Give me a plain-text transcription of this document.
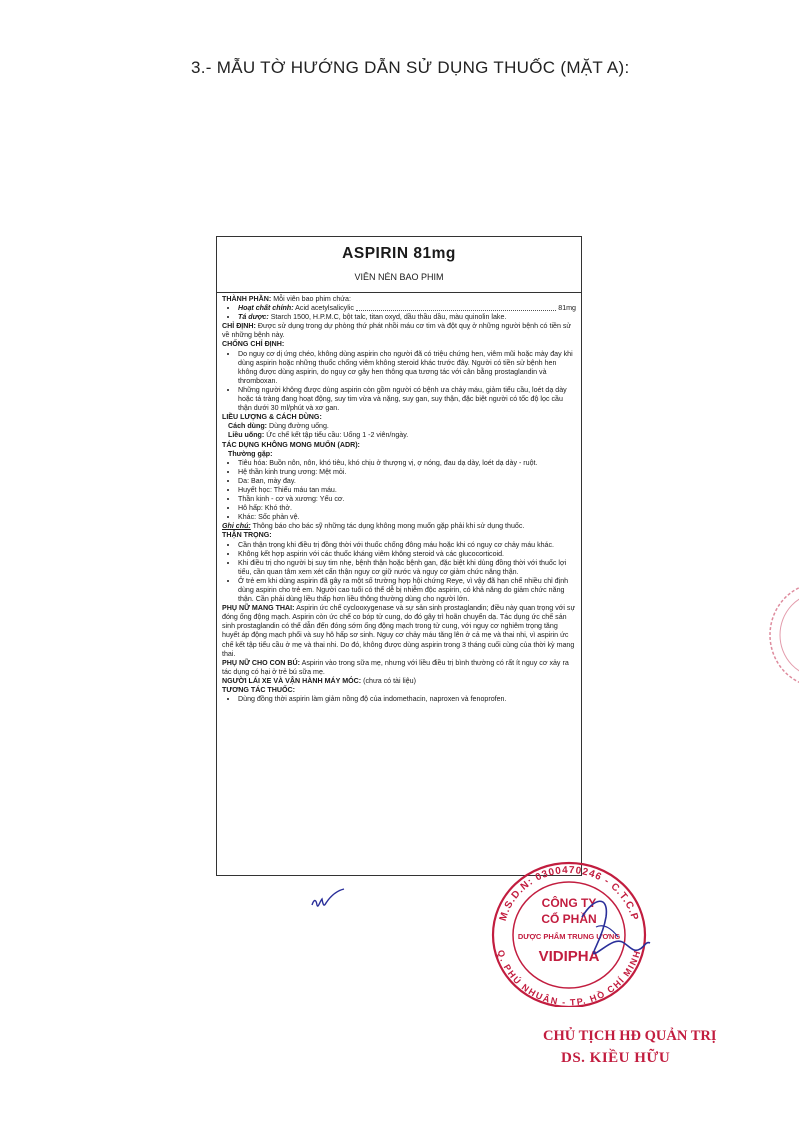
3.- MẪU TỜ HƯỚNG DẪN SỬ DỤNG THUỐC (MẶT A):
ASPIRIN 81mg
VIÊN NÉN BAO PHIM
THÀNH PHẦN: Mỗi viên bao phim chứa:
• Hoạt chất chính: Acid acetylsalicylic	81mg
• Tá dược: Starch 1500, H.P.M.C, bột talc, titan oxyd, dầu thầu dầu, màu quinolin lake.
CHỈ ĐỊNH: Được sử dụng trong dự phòng thứ phát nhồi máu cơ tim và đột quỵ ở những người bệnh có tiền sử về những bệnh này.
CHỐNG CHỈ ĐỊNH:
• Do nguy cơ dị ứng chéo, không dùng aspirin cho người đã có triệu chứng hen, viêm mũi hoặc mày đay khi dùng aspirin hoặc những thuốc chống viêm không steroid khác trước đây. Người có tiền sử bệnh hen không được dùng aspirin, do nguy cơ gây hen thông qua tương tác với cân bằng prostaglandin và thromboxan.
• Những người không được dùng aspirin còn gồm người có bệnh ưa chảy máu, giảm tiểu cầu, loét dạ dày hoặc tá tràng đang hoạt động, suy tim vừa và nặng, suy gan, suy thận, đặc biệt người có tốc độ lọc cầu thận dưới 30 ml/phút và xơ gan.
LIỀU LƯỢNG & CÁCH DÙNG:
Cách dùng: Dùng đường uống.
Liều uống: Ức chế kết tập tiểu cầu: Uống 1 -2 viên/ngày.
TÁC DỤNG KHÔNG MONG MUỐN (ADR):
Thường gặp:
• Tiêu hóa: Buồn nôn, nôn, khó tiêu, khó chịu ở thượng vị, ợ nóng, đau dạ dày, loét dạ dày - ruột.
• Hệ thần kinh trung ương: Mệt mỏi.
• Da: Ban, mày đay.
• Huyết học: Thiếu máu tan máu.
• Thần kinh - cơ và xương: Yếu cơ.
• Hô hấp: Khó thở.
• Khác: Sốc phản vệ.
Ghi chú: Thông báo cho bác sỹ những tác dụng không mong muốn gặp phải khi sử dụng thuốc.
THẬN TRỌNG:
• Cần thận trọng khi điều trị đồng thời với thuốc chống đông máu hoặc khi có nguy cơ chảy máu khác.
• Không kết hợp aspirin với các thuốc kháng viêm không steroid và các glucocorticoid.
• Khi điều trị cho người bị suy tim nhẹ, bệnh thận hoặc bệnh gan, đặc biệt khi dùng đồng thời với thuốc lợi tiểu, cần quan tâm xem xét cẩn thận nguy cơ giữ nước và nguy cơ giảm chức năng thận.
• Ở trẻ em khi dùng aspirin đã gây ra một số trường hợp hội chứng Reye, vì vậy đã hạn chế nhiều chỉ định dùng aspirin cho trẻ em. Người cao tuổi có thể dễ bị nhiễm độc aspirin, có khả năng do giảm chức năng thận. Cần phải dùng liều thấp hơn liều thông thường dùng cho người lớn.
PHỤ NỮ MANG THAI: Aspirin ức chế cyclooxygenase và sự sản sinh prostaglandin; điều này quan trọng với sự đóng ống động mạch. Aspirin còn ức chế co bóp tử cung, do đó gây trì hoãn chuyển dạ. Tác dụng ức chế sản sinh prostaglandin có thể dẫn đến đóng sớm ống động mạch trong tử cung, với nguy cơ nghiêm trọng tăng huyết áp động mạch phổi và suy hô hấp sơ sinh. Nguy cơ chảy máu tăng lên ở cả mẹ và thai nhi, vì aspirin ức chế kết tập tiểu cầu ở mẹ và thai nhi. Do đó, không được dùng aspirin trong 3 tháng cuối cùng của thời kỳ mang thai.
PHỤ NỮ CHO CON BÚ: Aspirin vào trong sữa mẹ, nhưng với liều điều trị bình thường có rất ít nguy cơ xảy ra tác dụng có hại ở trẻ bú sữa mẹ.
NGƯỜI LÁI XE VÀ VẬN HÀNH MÁY MÓC: (chưa có tài liệu)
TƯƠNG TÁC THUỐC:
• Dùng đồng thời aspirin làm giảm nồng độ của indomethacin, naproxen và fenoprofen.
M.S.D.N: 0300470246 - C.T.C.P
Q. PHÚ NHUẬN - TP. HỒ CHÍ MINH
CÔNG TY
CỔ PHẦN
DƯỢC PHẨM TRUNG ƯƠNG
VIDIPHA
CHỦ TỊCH HĐ QUẢN TRỊ
DS. KIỀU HỮU
